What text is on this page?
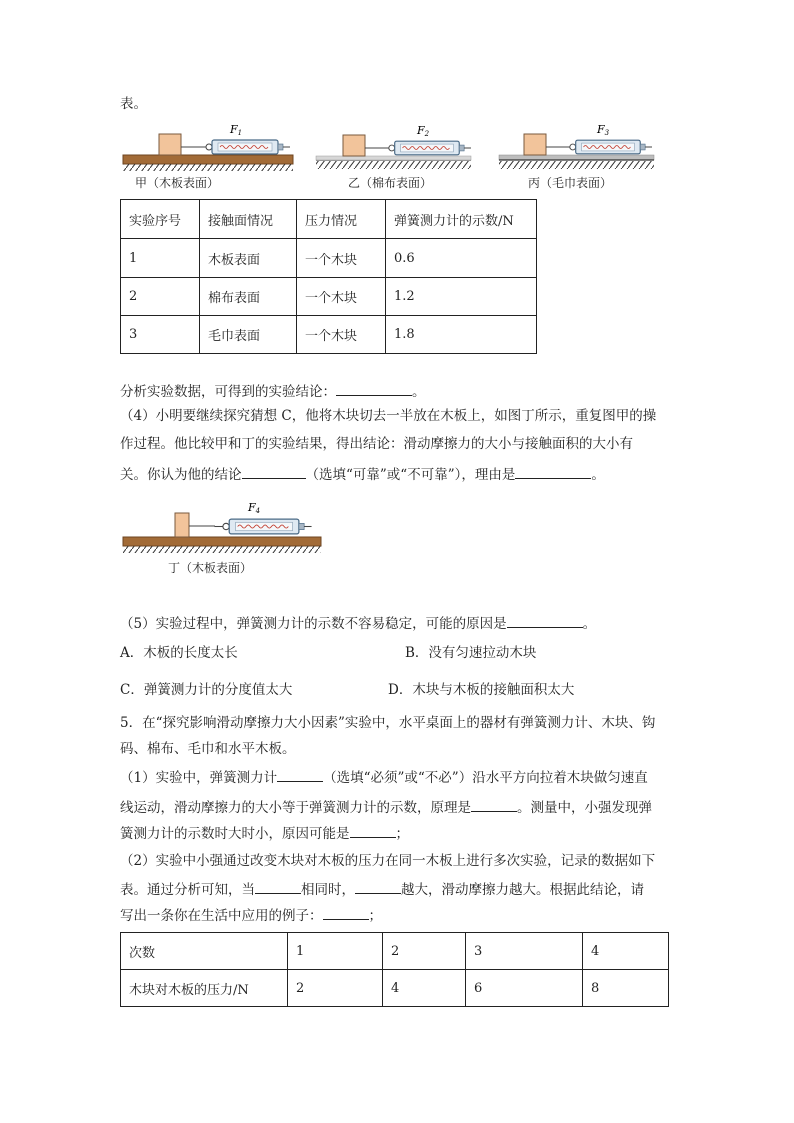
表。
F1
甲（木板表面）
F2
乙（棉布表面）
F3
丙（毛巾表面）
实验序号	接触面情况	压力情况	弹簧测力计的示数/N
1	木板表面	一个木块	0.6
2	棉布表面	一个木块	1.2
3	毛巾表面	一个木块	1.8
分析实验数据，可得到的实验结论：	。
（4）小明要继续探究猜想 C，他将木块切去一半放在木板上，如图丁所示，重复图甲的操
作过程。他比较甲和丁的实验结果，得出结论：滑动摩擦力的大小与接触面积的大小有
关。你认为他的结论	（选填“可靠”或“不可靠”），理由是	。
F4
丁（木板表面）
（5）实验过程中，弹簧测力计的示数不容易稳定，可能的原因是	。
A．木板的长度太长	B．没有匀速拉动木块
C．弹簧测力计的分度值太大	D．木块与木板的接触面积太大
5．在“探究影响滑动摩擦力大小因素”实验中，水平桌面上的器材有弹簧测力计、木块、钩
码、棉布、毛巾和水平木板。
（1）实验中，弹簧测力计	（选填“必须”或“不必”）沿水平方向拉着木块做匀速直
线运动，滑动摩擦力的大小等于弹簧测力计的示数，原理是	。测量中，小强发现弹
簧测力计的示数时大时小，原因可能是	；
（2）实验中小强通过改变木块对木板的压力在同一木板上进行多次实验，记录的数据如下
表。通过分析可知，当	相同时，	越大，滑动摩擦力越大。根据此结论，请
写出一条你在生活中应用的例子：	；
次数	1	2	3	4
木块对木板的压力/N	2	4	6	8
